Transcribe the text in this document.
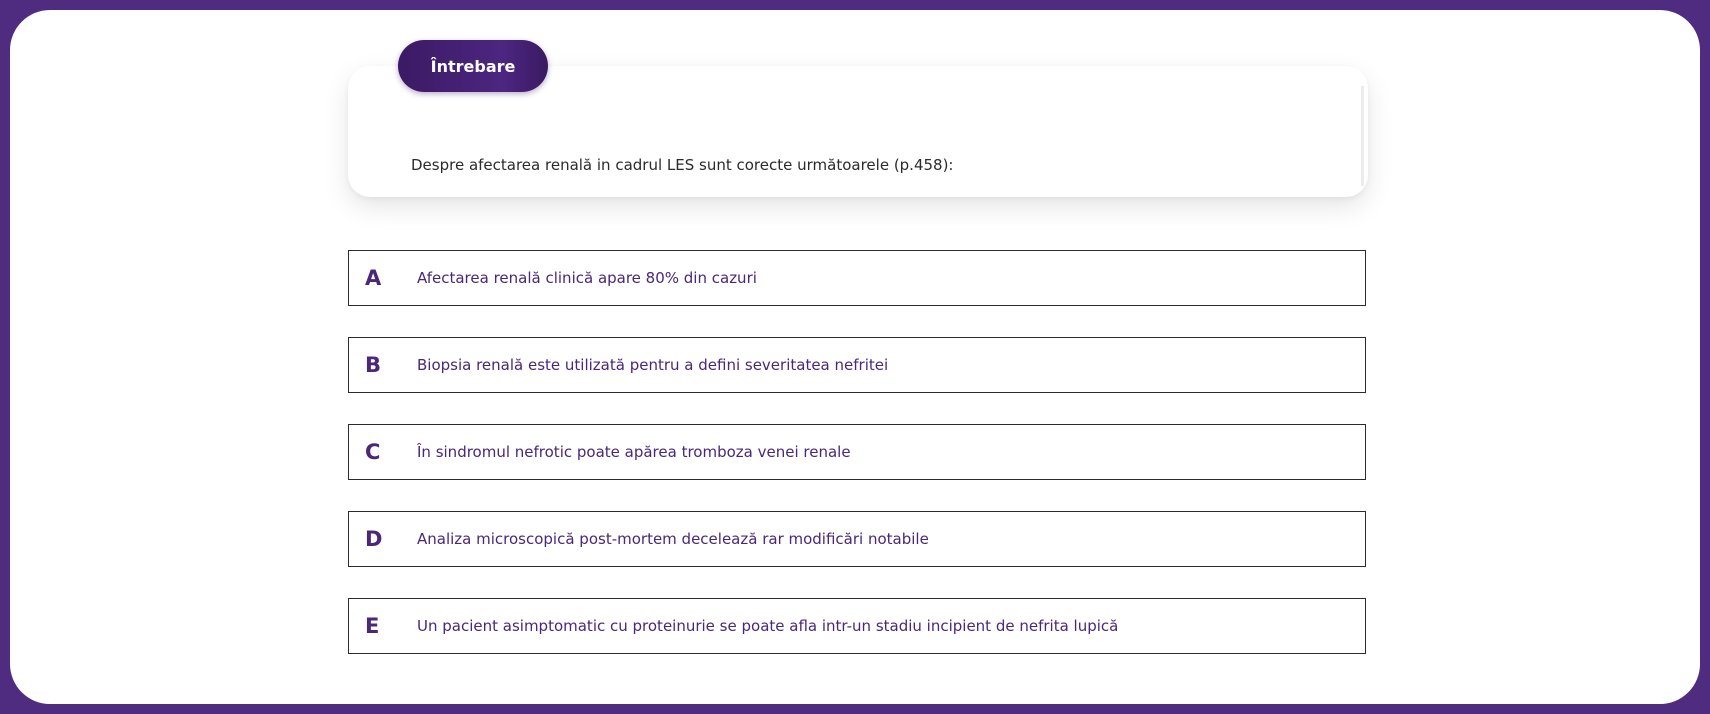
Despre afectarea renală in cadrul LES sunt corecte următoarele (p.458):
Întrebare
A Afectarea renală clinică apare 80% din cazuri
B Biopsia renală este utilizată pentru a defini severitatea nefritei
C În sindromul nefrotic poate apărea tromboza venei renale
D Analiza microscopică post-mortem decelează rar modificări notabile
E	Un pacient asimptomatic cu proteinurie se poate afla intr-un stadiu incipient de nefrita lupică
